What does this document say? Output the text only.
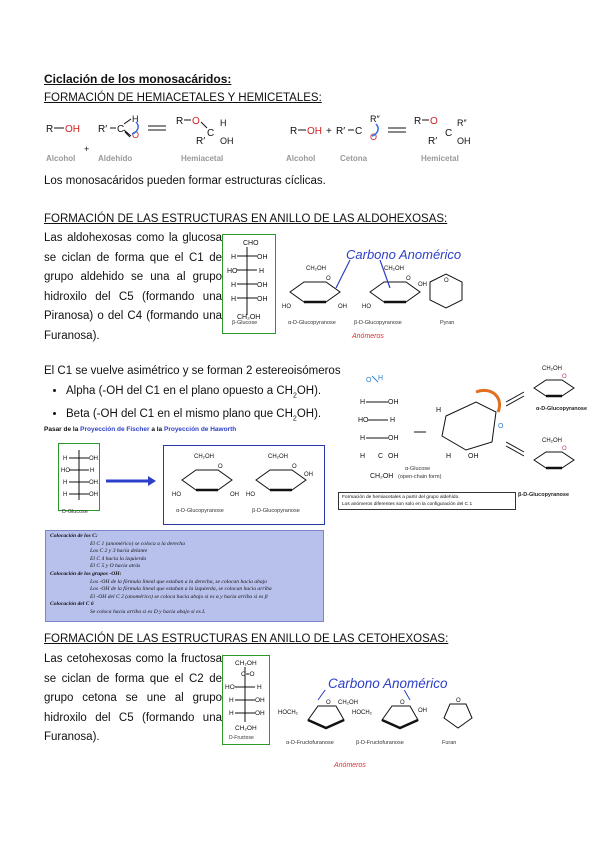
Ciclación de los monosacáridos:
FORMACIÓN DE HEMIACETALES Y HEMICETALES:
R OH R′ C
H
O
R O
R′
C
H
OH
R OH + R′ C
R″
O
R O
R′
C
R″
OH
Alcohol
+
Aldehído	Hemiacetal	Alcohol	Cetona	Hemicetal
Los monosacáridos pueden formar estructuras cíclicas.
FORMACIÓN DE LAS ESTRUCTURAS EN ANILLO DE LAS ALDOHEXOSAS:
Las aldohexosas como la glucosa
se ciclan de forma que el C1 de
grupo aldehido se una al grupo
hidroxilo del C5 (formando una
Piranosa) o del C4 (formando una
Furanosa).
CHO
H	OH
HO	H
H	OH
H	OH
CH₂OH
β-Glucose
CH₂OH
O
CH₂OH
O
HO	OH	HO
OH
O
Carbono Anomérico
α-D-Glucopyranose	β-D-Glucopyranose	Pyran
Anómeros
El C1 se vuelve asimétrico y se forman 2 estereoisómeros
• Alpha (-OH del C1 en el plano opuesto a $CH_2OH$).
• Beta (-OH del C1 en el mismo plano que $CH_2OH$).
Pasar de la Proyección de Fischer a la Proyección de Haworth
H	OH
HO	H
H	OH
H	OH
D-Glucose
CH₂OH
O
CH₂OH
O
HO	OH HO
OH
α-D-Glucopyranose	β-D-Glucopyranose
Colocación de los C:
El C 1 (anomérico) se coloca a la derecha
Los C 2 y 3 hacia delante
El C 4 hacia la izquierda
El C 5 y O hacia atrás
Colocación de los grupos -OH:
Los -OH de la fórmula lineal que estaban a la derecha, se colocan hacia abajo
Los -OH de la fórmula lineal que estaban a la izquierda, se colocan hacia arriba
El -OH del C 2 (anomérico) se coloca hacia abajo si es α y hacia arriba si es β
Colocación del C 6
Se coloca hacia arriba si es D y hacia abajo si es L
O H
H	OH
HO	H
H	OH
H C OH
CH₂OH
O
H
H OH
CH₂OH
O
CH₂OH
O
α-Glucose
(open-chain form)
α-D-Glucopyranose
β-D-Glucopyranose
Formación de hemiacetales a partir del grupo aldehído.
Los anómeros diferentes son solo en la configuración del C 1
FORMACIÓN DE LAS ESTRUCTURAS EN ANILLO DE LAS CETOHEXOSAS:
Las cetohexosas como la fructosa
se ciclan de forma que el C2 de
grupo cetona se une al grupo
hidroxilo del C5 (formando una
Furanosa).
CH₂OH
C=O
HO	H
H	OH
H	OH
CH₂OH
D-Fructose
Carbono Anomérico
HOCH₂
O CH₂OH
HOCH₂
O
OH
O
α-D-Fructofuranose	β-D-Fructofuranose	Furan
Anómeros
